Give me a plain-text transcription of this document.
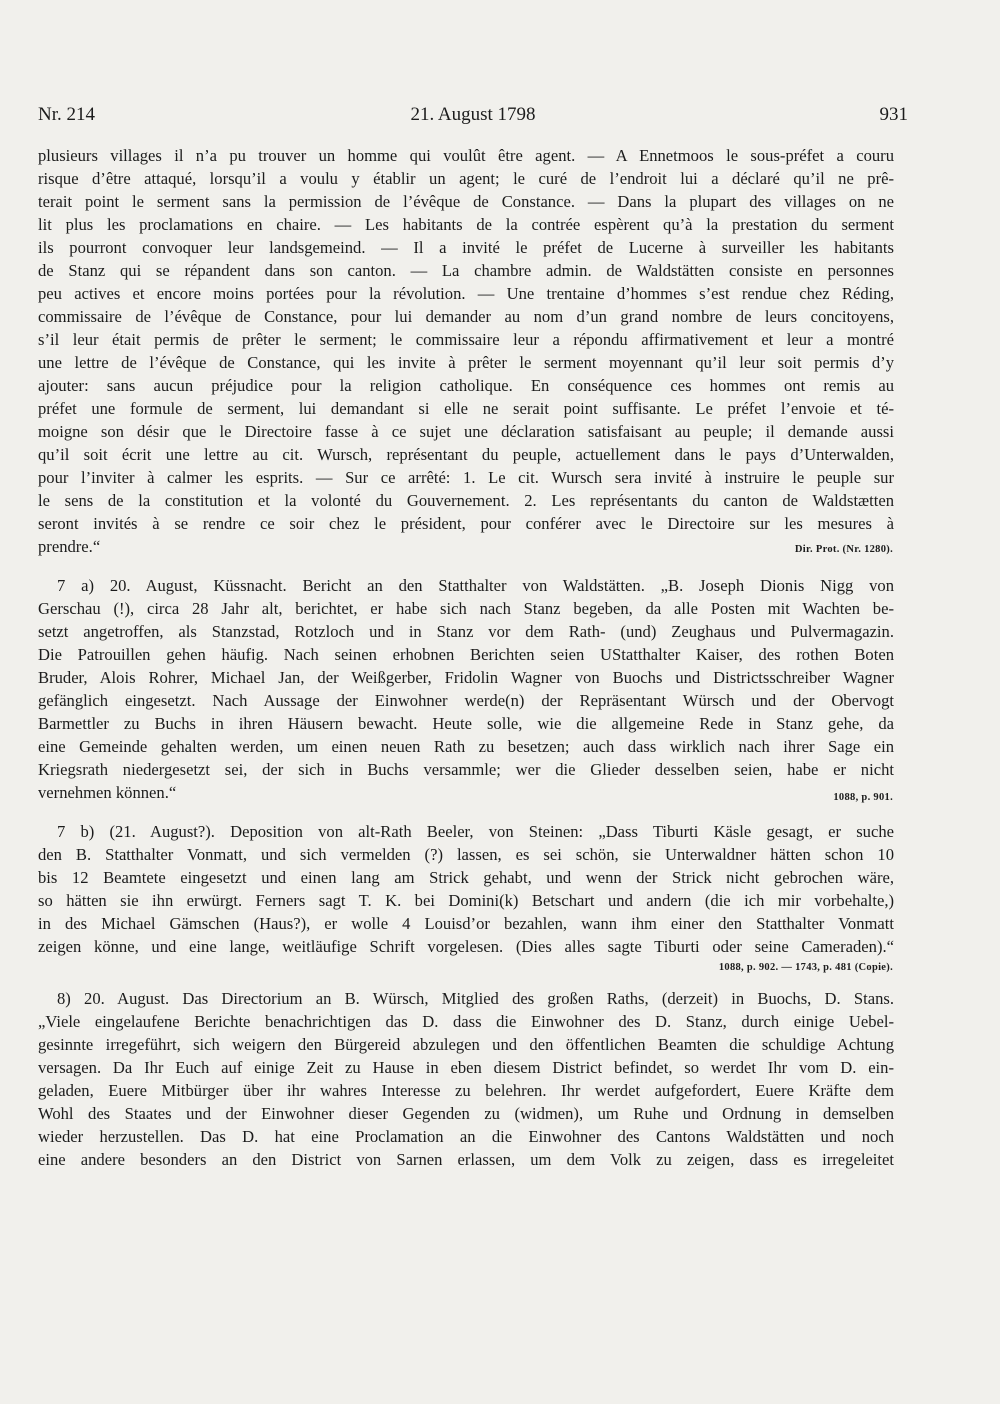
Nr. 214	21. August 1798	931
plusieurs villages il n’a pu trouver un homme qui voulût être agent. — A Ennetmoos le sous-préfet a couru
risque d’être attaqué, lorsqu’il a voulu y établir un agent; le curé de l’endroit lui a déclaré qu’il ne prê-
terait point le serment sans la permission de l’évêque de Constance. — Dans la plupart des villages on ne
lit plus les proclamations en chaire. — Les habitants de la contrée espèrent qu’à la prestation du serment
ils pourront convoquer leur landsgemeind. — Il a invité le préfet de Lucerne à surveiller les habitants
de Stanz qui se répandent dans son canton. — La chambre admin. de Waldstätten consiste en personnes
peu actives et encore moins portées pour la révolution. — Une trentaine d’hommes s’est rendue chez Réding,
commissaire de l’évêque de Constance, pour lui demander au nom d’un grand nombre de leurs concitoyens,
s’il leur était permis de prêter le serment; le commissaire leur a répondu affirmativement et leur a montré
une lettre de l’évêque de Constance, qui les invite à prêter le serment moyennant qu’il leur soit permis d’y
ajouter: sans aucun préjudice pour la religion catholique. En conséquence ces hommes ont remis au
préfet une formule de serment, lui demandant si elle ne serait point suffisante. Le préfet l’envoie et té-
moigne son désir que le Directoire fasse à ce sujet une déclaration satisfaisant au peuple; il demande aussi
qu’il soit écrit une lettre au cit. Wursch, représentant du peuple, actuellement dans le pays d’Unterwalden,
pour l’inviter à calmer les esprits. — Sur ce arrêté: 1. Le cit. Wursch sera invité à instruire le peuple sur
le sens de la constitution et la volonté du Gouvernement. 2. Les représentants du canton de Waldstætten
seront invités à se rendre ce soir chez le président, pour conférer avec le Directoire sur les mesures à
prendre.“	Dir. Prot. (Nr. 1280).
7 a) 20. August, Küssnacht. Bericht an den Statthalter von Waldstätten. „B. Joseph Dionis Nigg von
Gerschau (!), circa 28 Jahr alt, berichtet, er habe sich nach Stanz begeben, da alle Posten mit Wachten be-
setzt angetroffen, als Stanzstad, Rotzloch und in Stanz vor dem Rath- (und) Zeughaus und Pulvermagazin.
Die Patrouillen gehen häufig. Nach seinen erhobnen Berichten seien UStatthalter Kaiser, des rothen Boten
Bruder, Alois Rohrer, Michael Jan, der Weißgerber, Fridolin Wagner von Buochs und Districtsschreiber Wagner
gefänglich eingesetzt. Nach Aussage der Einwohner werde(n) der Repräsentant Würsch und der Obervogt
Barmettler zu Buchs in ihren Häusern bewacht. Heute solle, wie die allgemeine Rede in Stanz gehe, da
eine Gemeinde gehalten werden, um einen neuen Rath zu besetzen; auch dass wirklich nach ihrer Sage ein
Kriegsrath niedergesetzt sei, der sich in Buchs versammle; wer die Glieder desselben seien, habe er nicht
vernehmen können.“	1088, p. 901.
7 b) (21. August?). Deposition von alt-Rath Beeler, von Steinen: „Dass Tiburti Käsle gesagt, er suche
den B. Statthalter Vonmatt, und sich vermelden (?) lassen, es sei schön, sie Unterwaldner hätten schon 10
bis 12 Beamtete eingesetzt und einen lang am Strick gehabt, und wenn der Strick nicht gebrochen wäre,
so hätten sie ihn erwürgt. Ferners sagt T. K. bei Domini(k) Betschart und andern (die ich mir vorbehalte,)
in des Michael Gämschen (Haus?), er wolle 4 Louisd’or bezahlen, wann ihm einer den Statthalter Vonmatt
zeigen könne, und eine lange, weitläufige Schrift vorgelesen. (Dies alles sagte Tiburti oder seine Cameraden).“
1088, p. 902. — 1743, p. 481 (Copie).
8) 20. August. Das Directorium an B. Würsch, Mitglied des großen Raths, (derzeit) in Buochs, D. Stans.
„Viele eingelaufene Berichte benachrichtigen das D. dass die Einwohner des D. Stanz, durch einige Uebel-
gesinnte irregeführt, sich weigern den Bürgereid abzulegen und den öffentlichen Beamten die schuldige Achtung
versagen. Da Ihr Euch auf einige Zeit zu Hause in eben diesem District befindet, so werdet Ihr vom D. ein-
geladen, Euere Mitbürger über ihr wahres Interesse zu belehren. Ihr werdet aufgefordert, Euere Kräfte dem
Wohl des Staates und der Einwohner dieser Gegenden zu (widmen), um Ruhe und Ordnung in demselben
wieder herzustellen. Das D. hat eine Proclamation an die Einwohner des Cantons Waldstätten und noch
eine andere besonders an den District von Sarnen erlassen, um dem Volk zu zeigen, dass es irregeleitet
